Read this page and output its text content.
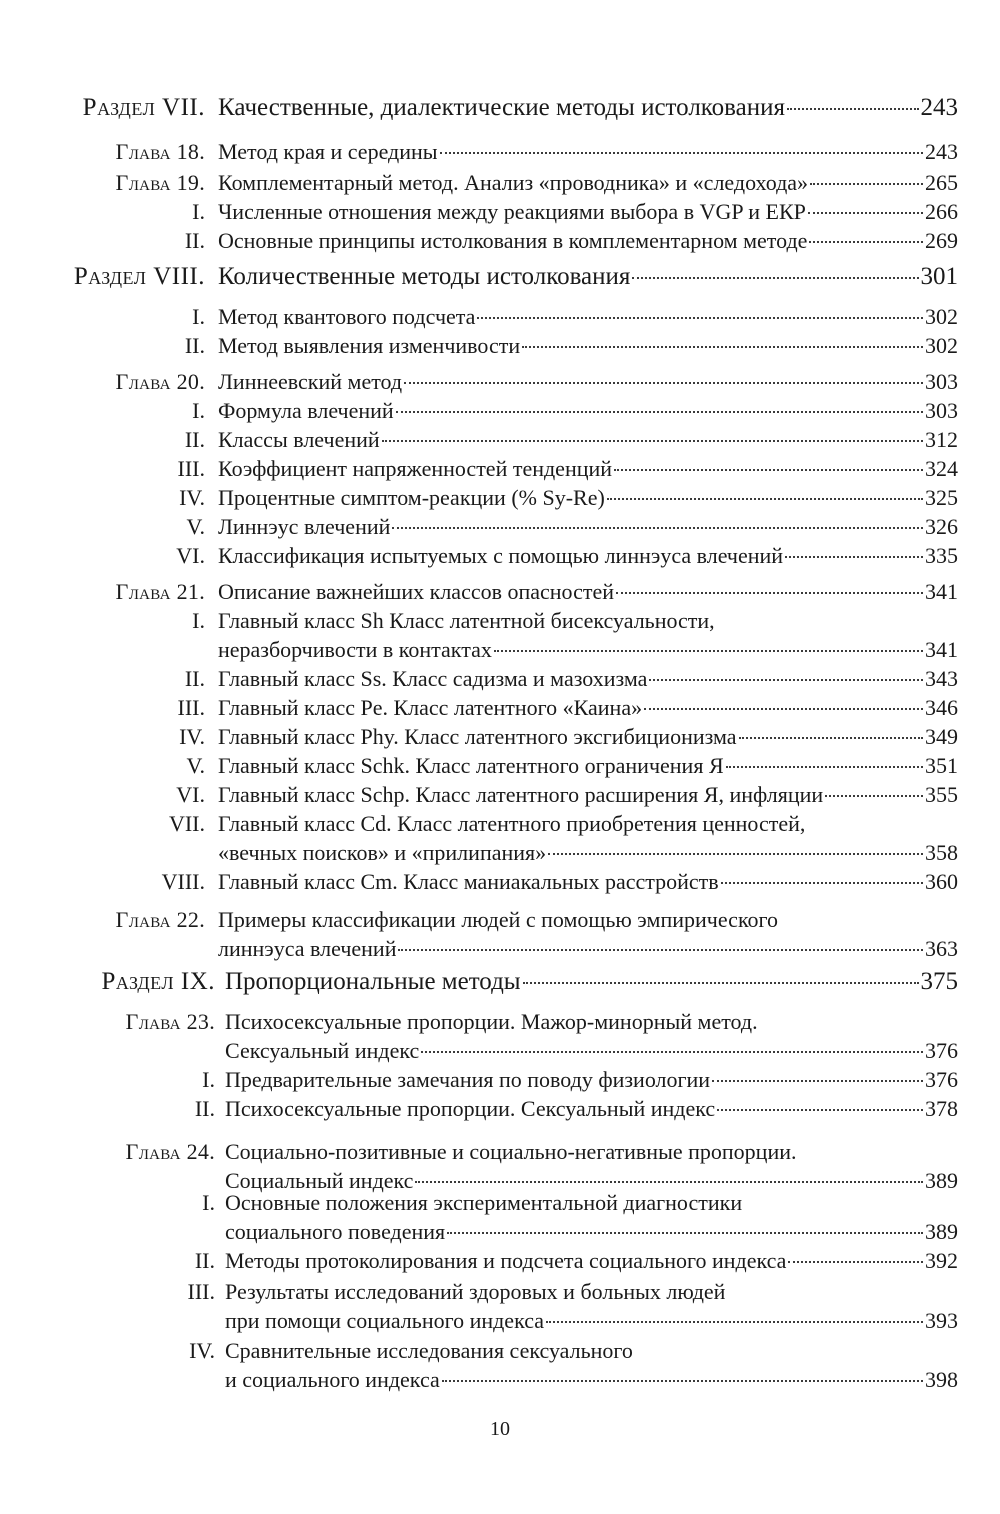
Раздел VII. Качественные, диалектические методы истолкования	243
Глава 18. Метод края и середины	243
Глава 19. Комплементарный метод. Анализ «проводника» и «следохода»	265
I. Численные отношения между реакциями выбора в VGP и ЕКР	266
II. Основные принципы истолкования в комплементарном методе	269
Раздел VIII. Количественные методы истолкования	301
I. Метод квантового подсчета	302
II. Метод выявления изменчивости	302
Глава 20. Линнеевский метод	303
I. Формула влечений	303
II. Классы влечений	312
III. Коэффициент напряженностей тенденций	324
IV. Процентные симптом-реакции (% Sy-Re)	325
V. Линнэус влечений	326
VI. Классификация испытуемых с помощью линнэуса влечений	335
Глава 21. Описание важнейших классов опасностей	341
I. Главный класс Sh Класс латентной бисексуальности,
неразборчивости в контактах	341
II. Главный класс Ss. Класс садизма и мазохизма	343
III. Главный класс Pe. Класс латентного «Каина»	346
IV. Главный класс Phy. Класс латентного эксгибиционизма	349
V. Главный класс Schk. Класс латентного ограничения Я	351
VI. Главный класс Schp. Класс латентного расширения Я, инфляции	355
VII. Главный класс Cd. Класс латентного приобретения ценностей,
«вечных поисков» и «прилипания»	358
VIII. Главный класс Cm. Класс маниакальных расстройств	360
Глава 22. Примеры классификации людей с помощью эмпирического
линнэуса влечений	363
Раздел IX. Пропорциональные методы	375
Глава 23. Психосексуальные пропорции. Мажор-минорный метод.
Сексуальный индекс	376
I. Предварительные замечания по поводу физиологии	376
II. Психосексуальные пропорции. Сексуальный индекс	378
Глава 24. Социально-позитивные и социально-негативные пропорции.
Социальный индекс	389
I. Основные положения экспериментальной диагностики
социального поведения	389
II. Методы протоколирования и подсчета социального индекса	392
III. Результаты исследований здоровых и больных людей
при помощи социального индекса	393
IV. Сравнительные исследования сексуального
и социального индекса	398
10
